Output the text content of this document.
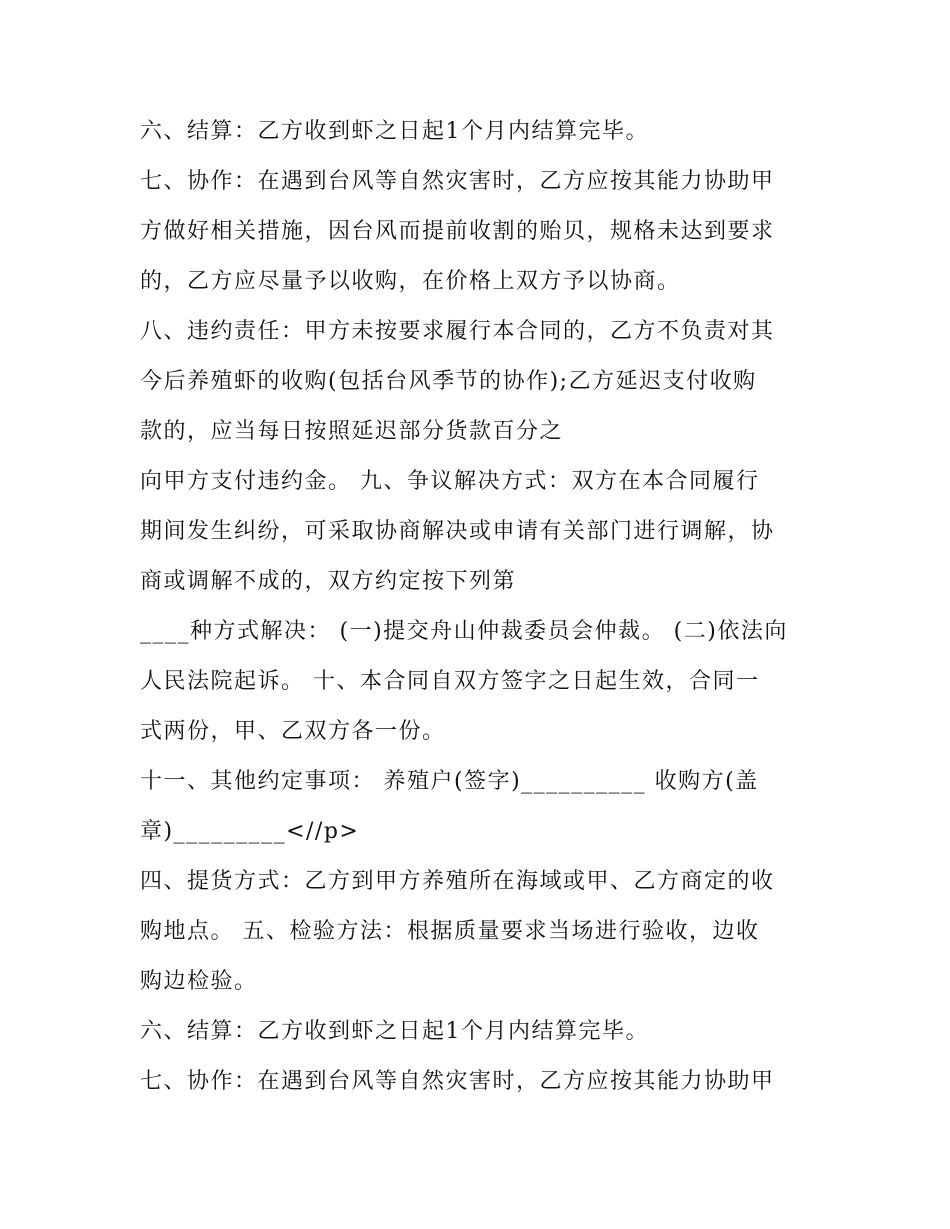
六、结算：乙方收到虾之日起1个月内结算完毕。
七、协作：在遇到台风等自然灾害时，乙方应按其能力协助甲
方做好相关措施，因台风而提前收割的贻贝，规格未达到要求
的，乙方应尽量予以收购，在价格上双方予以协商。
八、违约责任：甲方未按要求履行本合同的，乙方不负责对其
今后养殖虾的收购(包括台风季节的协作);乙方延迟支付收购
款的，应当每日按照延迟部分货款百分之
向甲方支付违约金。 九、争议解决方式：双方在本合同履行
期间发生纠纷，可采取协商解决或申请有关部门进行调解，协
商或调解不成的，双方约定按下列第
____种方式解决： (一)提交舟山仲裁委员会仲裁。 (二)依法向
人民法院起诉。 十、本合同自双方签字之日起生效，合同一
式两份，甲、乙双方各一份。
十一、其他约定事项： 养殖户(签字)__________ 收购方(盖
章)_________<//p>
四、提货方式：乙方到甲方养殖所在海域或甲、乙方商定的收
购地点。 五、检验方法：根据质量要求当场进行验收，边收
购边检验。
六、结算：乙方收到虾之日起1个月内结算完毕。
七、协作：在遇到台风等自然灾害时，乙方应按其能力协助甲
